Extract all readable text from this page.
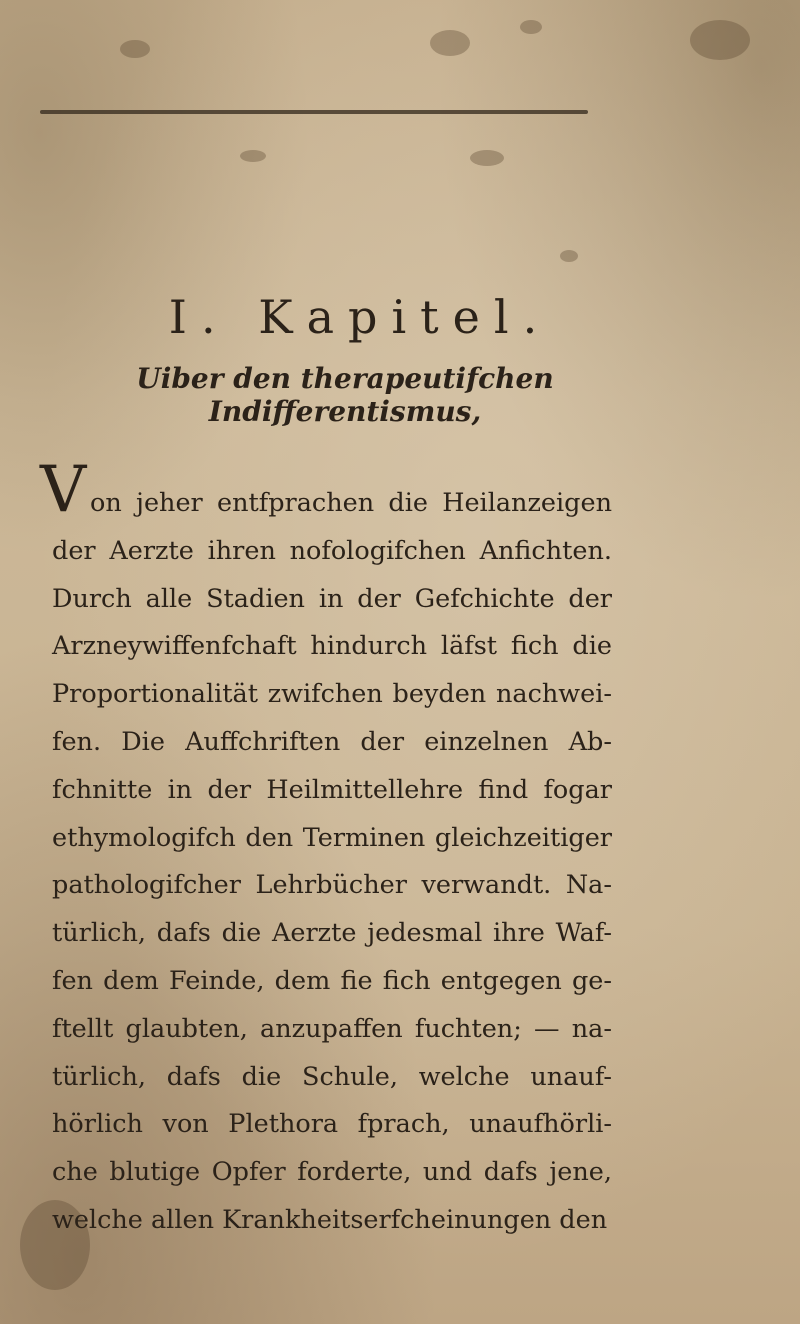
I. Kapitel.
Uiber den therapeutifchen Indifferentismus,
V on jeher entfprachen die Heilanzeigen
der Aerztе ihren nofologifchen Anfichten.
Durch alle Stadien in der Gefchichte der
Arzneywiffenfchaft hindurch läfst fich die
Proportionalität zwifchen beyden nachwei-
fen. Die Auffchriften der einzelnen Ab-
fchnitte in der Heilmittellehre find fogar
ethymologifch den Terminen gleichzeitiger
pathologifcher Lehrbücher verwandt. Na-
türlich, dafs die Aerzte jedesmal ihre Waf-
fen dem Feinde, dem fie fich entgegen ge-
ftellt glaubten, anzupaffen fuchten; — na-
türlich, dafs die Schule, welche unauf-
hörlich von Plethora fprach, unaufhörli-
che blutige Opfer forderte, und dafs jene,
welche allen Krankheitserfcheinungen den
